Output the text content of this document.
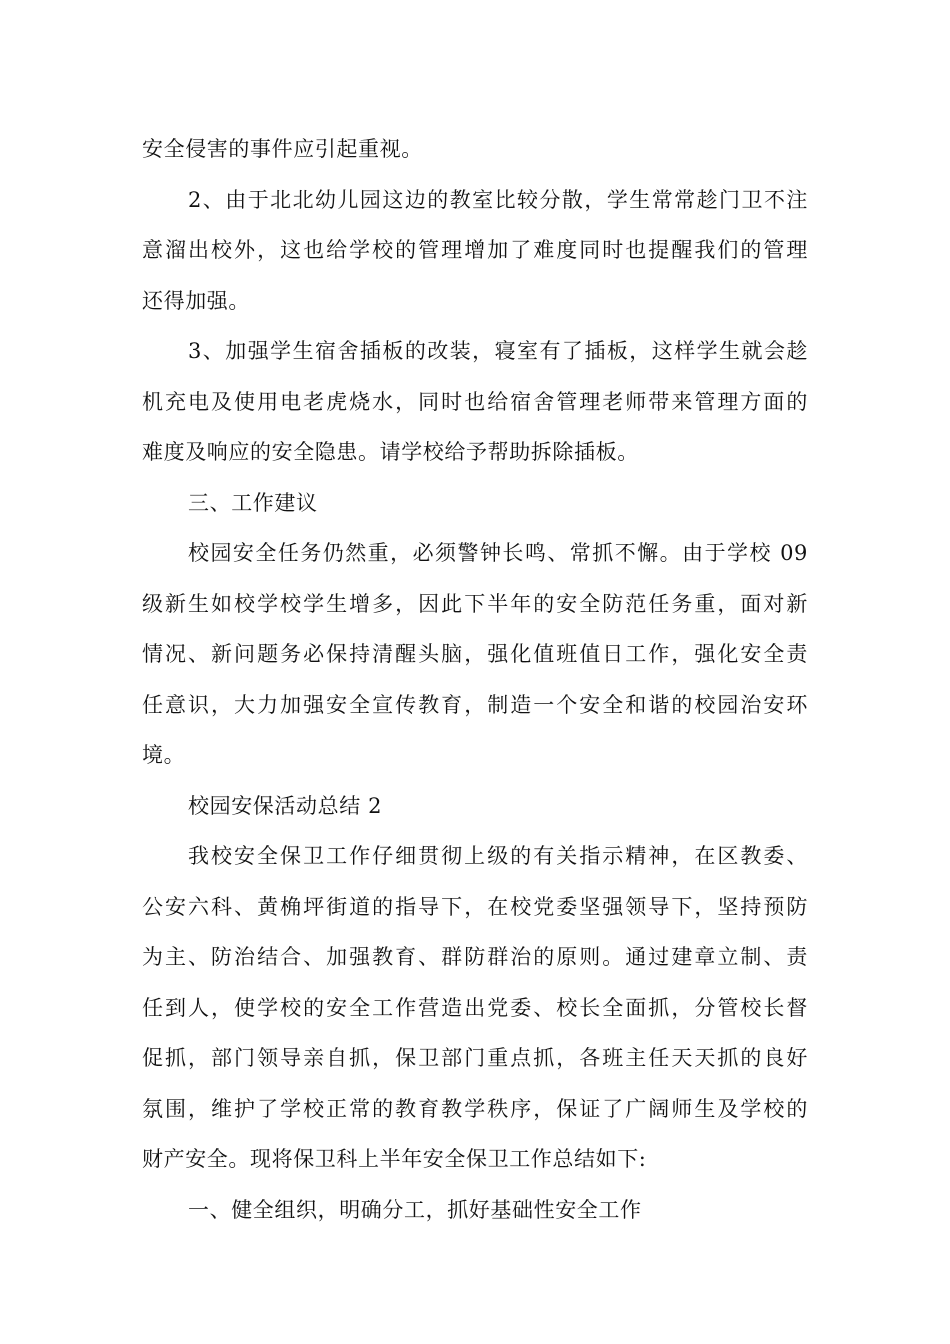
安全侵害的事件应引起重视。

2、由于北北幼儿园这边的教室比较分散，学生常常趁门卫不注
意溜出校外，这也给学校的管理增加了难度同时也提醒我们的管理
还得加强。

3、加强学生宿舍插板的改装，寝室有了插板，这样学生就会趁
机充电及使用电老虎烧水，同时也给宿舍管理老师带来管理方面的
难度及响应的安全隐患。请学校给予帮助拆除插板。

三、工作建议

校园安全任务仍然重，必须警钟长鸣、常抓不懈。由于学校 09
级新生如校学校学生增多，因此下半年的安全防范任务重，面对新
情况、新问题务必保持清醒头脑，强化值班值日工作，强化安全责
任意识，大力加强安全宣传教育，制造一个安全和谐的校园治安环
境。

校园安保活动总结 2

我校安全保卫工作仔细贯彻上级的有关指示精神，在区教委、
公安六科、黄桷坪街道的指导下，在校党委坚强领导下，坚持预防
为主、防治结合、加强教育、群防群治的原则。通过建章立制、责
任到人，使学校的安全工作营造出党委、校长全面抓，分管校长督
促抓，部门领导亲自抓，保卫部门重点抓，各班主任天天抓的良好
氛围，维护了学校正常的教育教学秩序，保证了广阔师生及学校的
财产安全。现将保卫科上半年安全保卫工作总结如下:

一、健全组织，明确分工，抓好基础性安全工作
